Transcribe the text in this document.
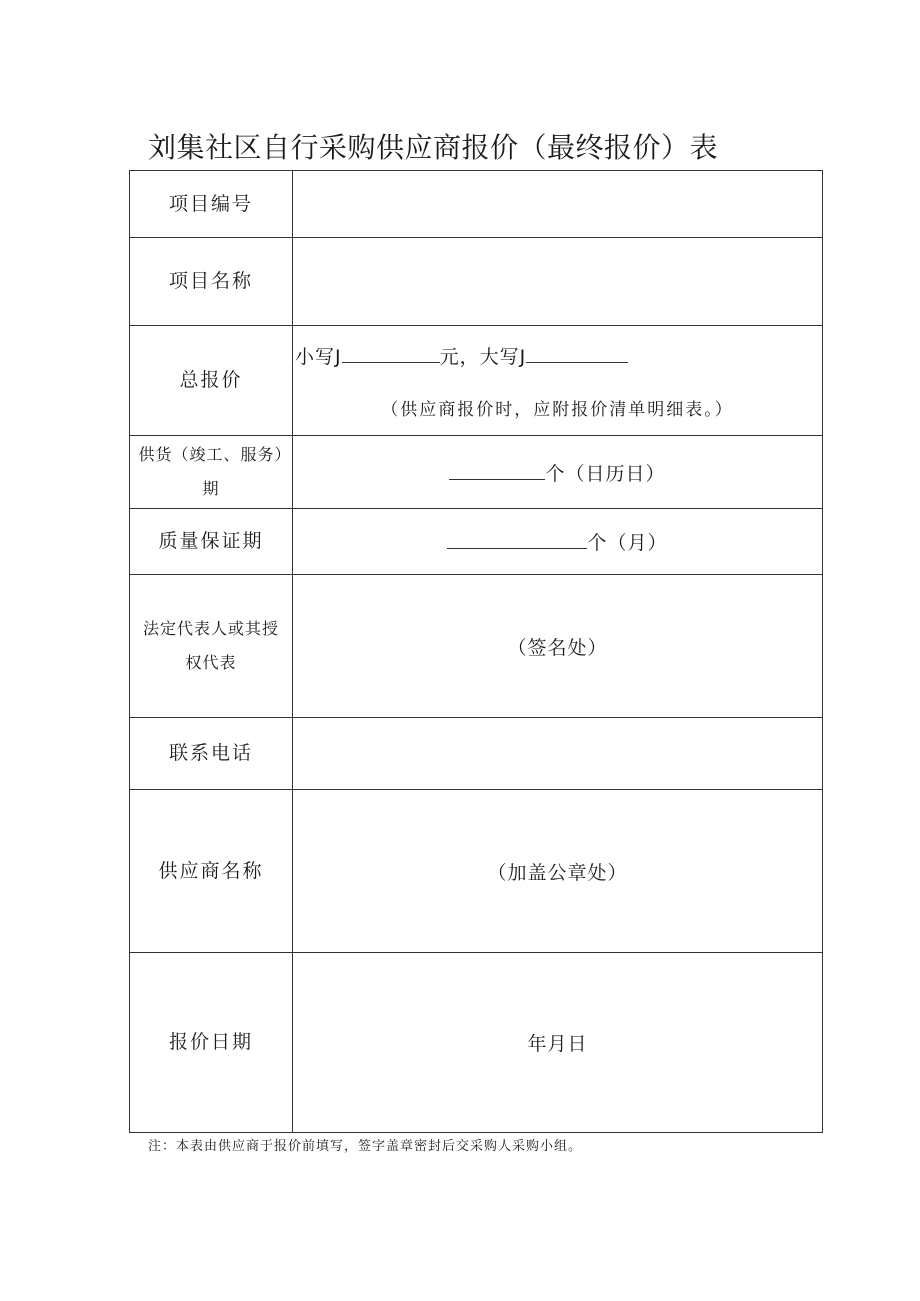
刘集社区自行采购供应商报价（最终报价）表
项目编号	
项目名称	
总报价	小写J 元，大写J
（供应商报价时，应附报价清单明细表。）

供货（竣工、服务）期	个（日历日）
质量保证期	个（月）
法定代表人或其授权代表	（签名处）
联系电话	
供应商名称	（加盖公章处）
报价日期	年月日
注：本表由供应商于报价前填写，签字盖章密封后交采购人采购小组。
